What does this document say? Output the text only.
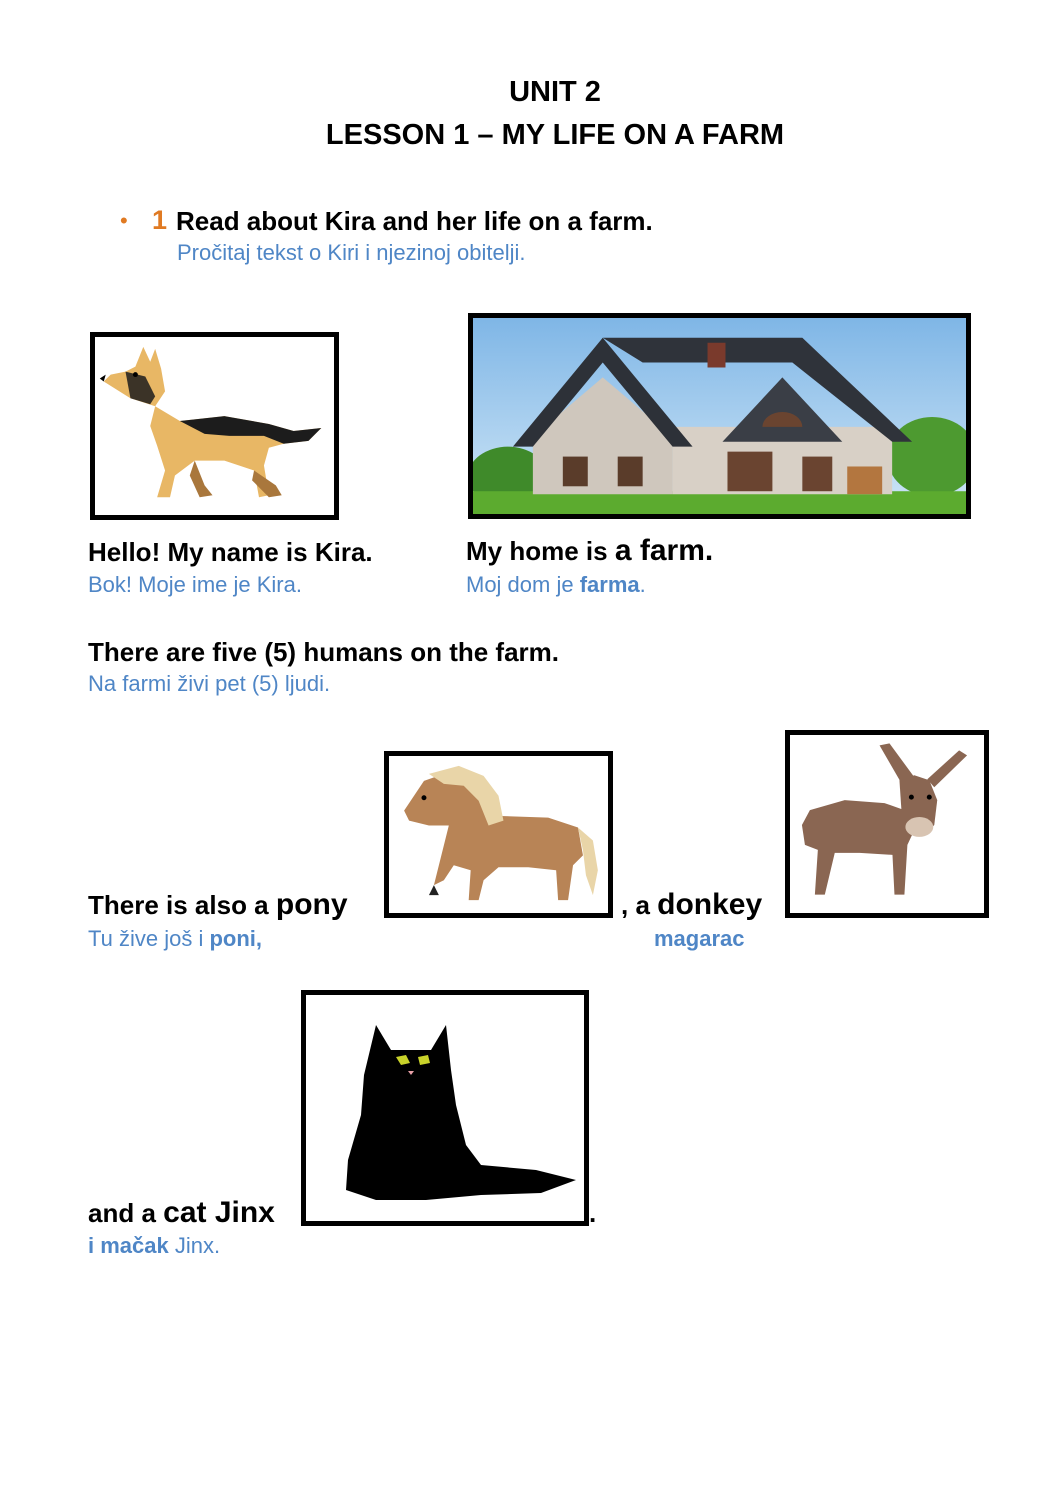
UNIT 2
LESSON 1 – MY LIFE ON A FARM
• 1 Read about Kira and her life on a farm.
Pročitaj tekst o Kiri i njezinoj obitelji.
Hello! My name is Kira.
Bok! Moje ime je Kira.
My home is a farm.
Moj dom je farma.
There are five (5) humans on the farm.
Na farmi živi pet (5) ljudi.
There is also a pony	, a donkey
Tu žive još i poni,	magarac
and a cat Jinx	.
i mačak Jinx.
